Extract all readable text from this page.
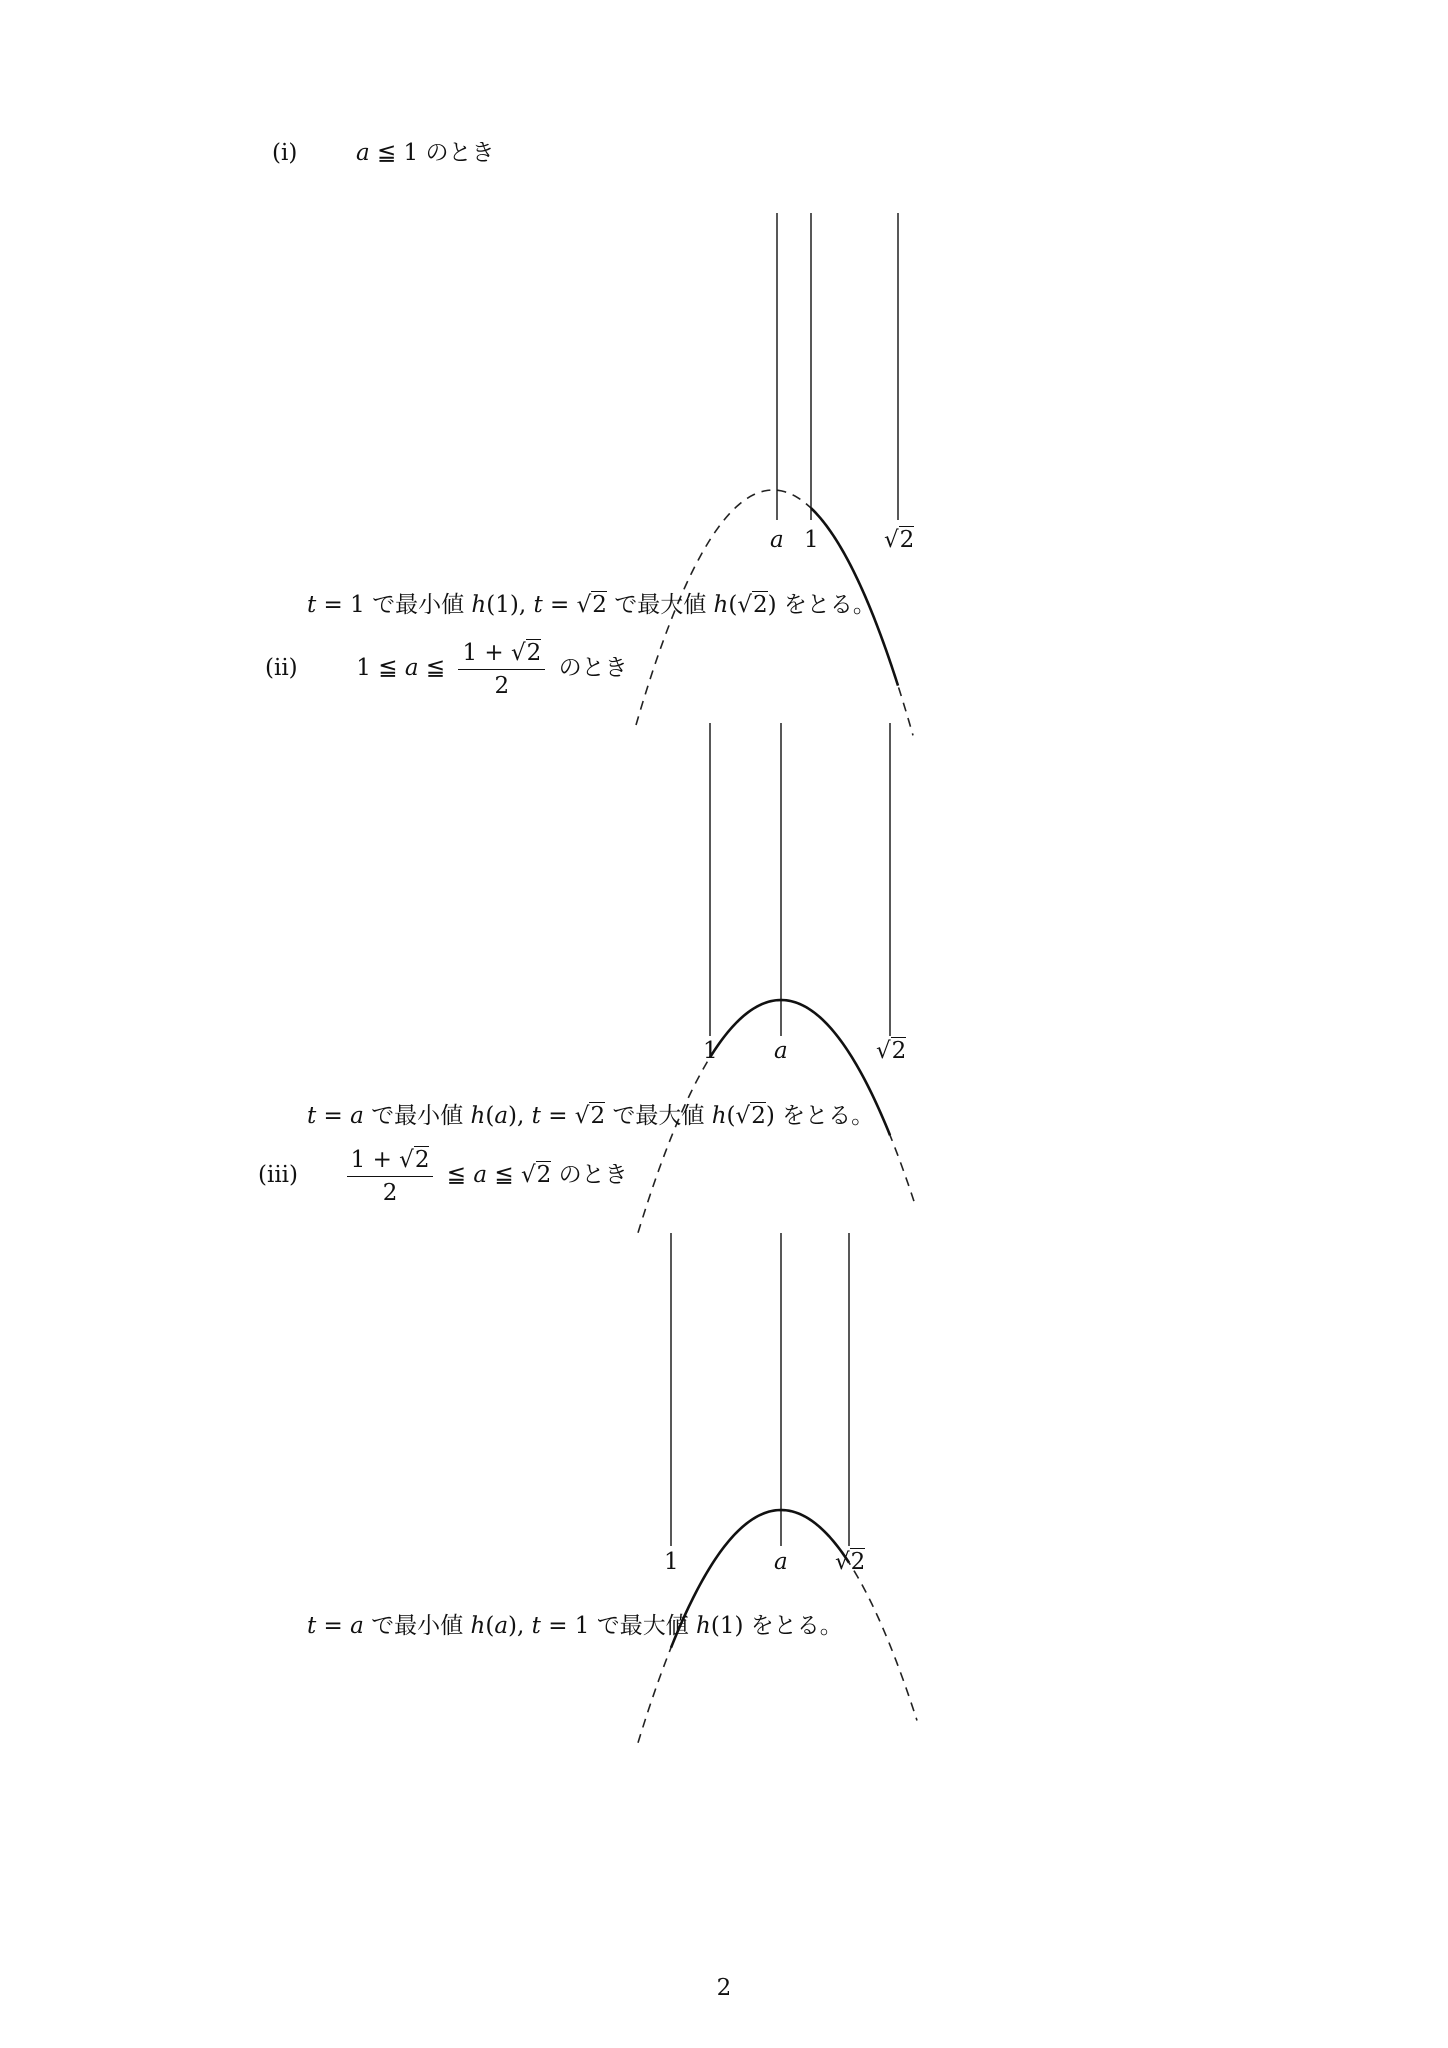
(i)	a ≦ 1 のとき
a 1	√2
t = 1 で最小値 h(1), t = √2 で最大値 h(√2) をとる。
(ii)	1 ≦ a ≦ $\frac{1 + √2}{2}$ のとき
1 a	√2
t = a で最小値 h(a), t = √2 で最大値 h(√2) をとる。
$(iii) \frac{1 + √2}{2}$ ≦ a ≦ √2 のとき
1	a √2
t = a で最小値 h(a), t = 1 で最大値 h(1) をとる。
2
